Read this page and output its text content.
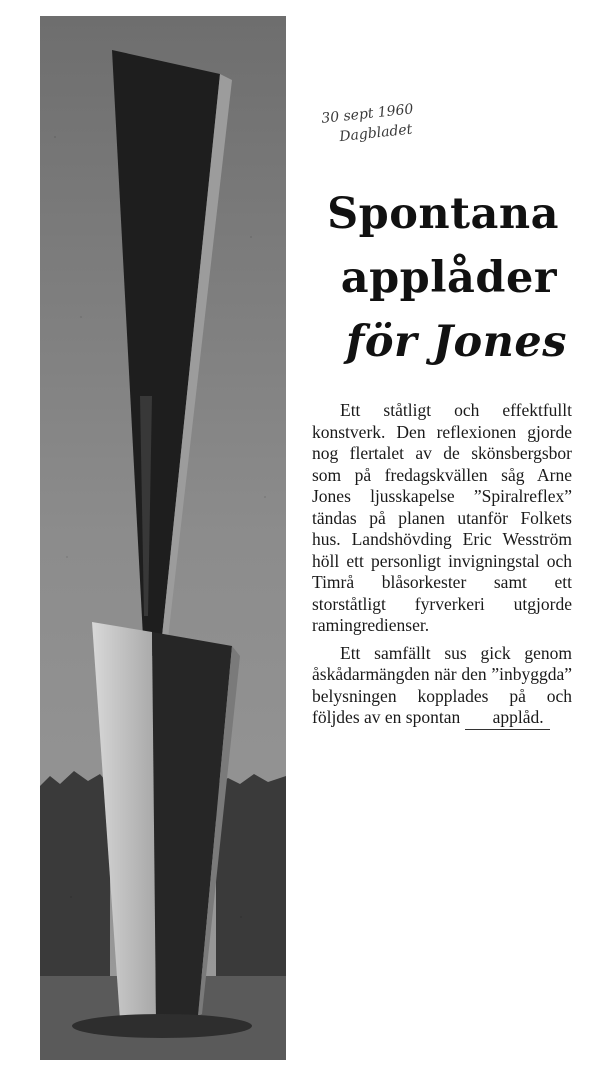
30 sept 1960
Dagbladet
Spontana
applåder
för Jones

Ett ståtligt och effektfullt konstverk. Den reflexionen gjorde nog flertalet av de skönsbergsbor som på fredagskvällen såg Arne Jones ljusskapelse ”Spiralreflex” tändas på planen utanför Folkets hus. Landshövding Eric Wesström höll ett personligt invigningstal och Timrå blåsorkester samt ett storståtligt fyrverkeri utgjorde ramingredienser.

Ett samfällt sus gick genom åskådarmängden när den ”inbyggda” belysningen kopplades på och följdes av en spontan applåd.
